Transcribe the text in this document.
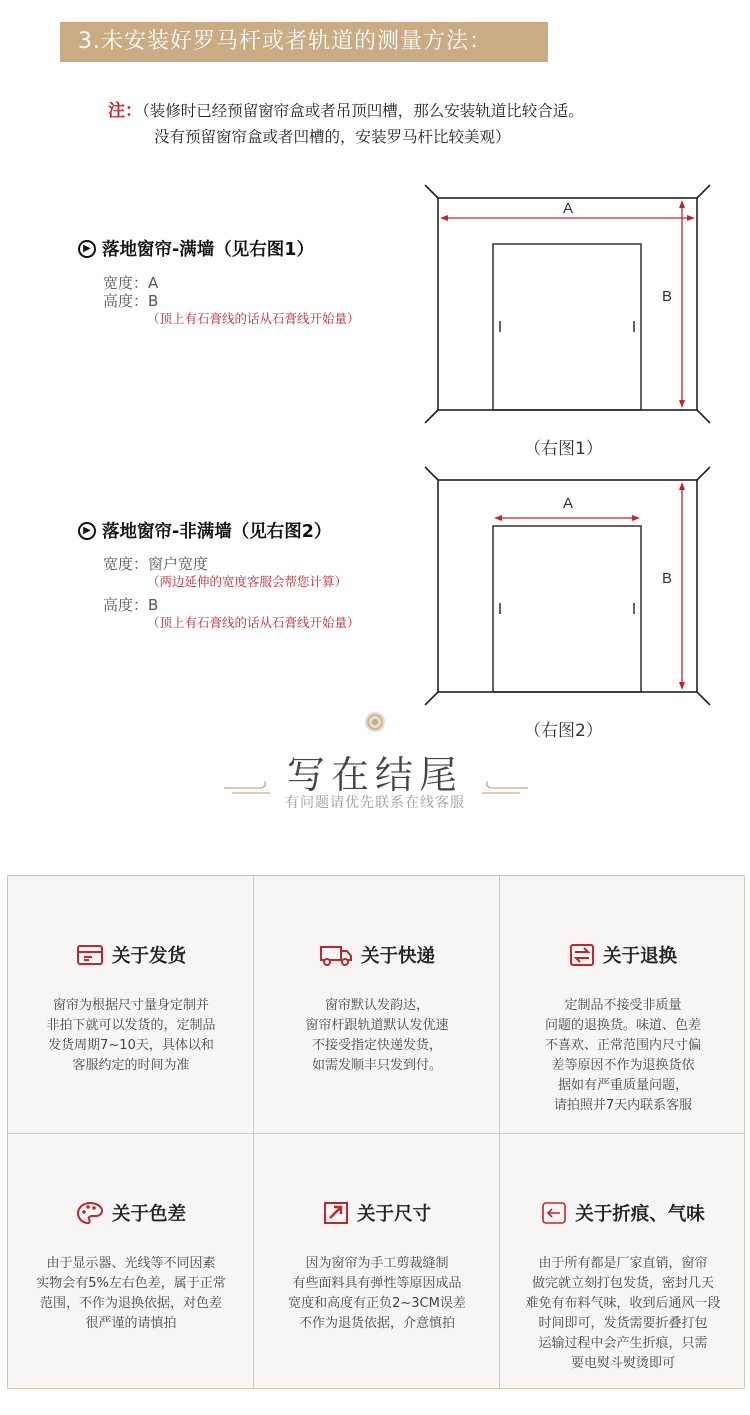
3.未安装好罗马杆或者轨道的测量方法：
注：（装修时已经预留窗帘盒或者吊顶凹槽，那么安装轨道比较合适。
没有预留窗帘盒或者凹槽的，安装罗马杆比较美观）
▶ 落地窗帘-满墙（见右图1）
宽度：A
高度：B
（顶上有石膏线的话从石膏线开始量）
A
B
（右图1）
▶ 落地窗帘-非满墙（见右图2）
宽度：窗户宽度
（两边延伸的宽度客服会帮您计算）
高度：B
（顶上有石膏线的话从石膏线开始量）
A
B
（右图2）
写在结尾
有问题请优先联系在线客服
关于发货
窗帘为根据尺寸量身定制并
非拍下就可以发货的，定制品
发货周期7~10天，具体以和
客服约定的时间为准
关于快递
窗帘默认发韵达，
窗帘杆跟轨道默认发优速
不接受指定快递发货，
如需发顺丰只发到付。
关于退换
定制品不接受非质量
问题的退换货。味道、色差
不喜欢、正常范围内尺寸偏
差等原因不作为退换货依
据如有严重质量问题，
请拍照并7天内联系客服
关于色差
由于显示器、光线等不同因素
实物会有5%左右色差，属于正常
范围，不作为退换依据，对色差
很严谨的请慎拍
关于尺寸
因为窗帘为手工剪裁缝制
有些面料具有弹性等原因成品
宽度和高度有正负2~3CM误差
不作为退货依据，介意慎拍
关于折痕、气味
由于所有都是厂家直销，窗帘
做完就立刻打包发货，密封几天
难免有布料气味，收到后通风一段
时间即可，发货需要折叠打包
运输过程中会产生折痕，只需
要电熨斗熨烫即可
